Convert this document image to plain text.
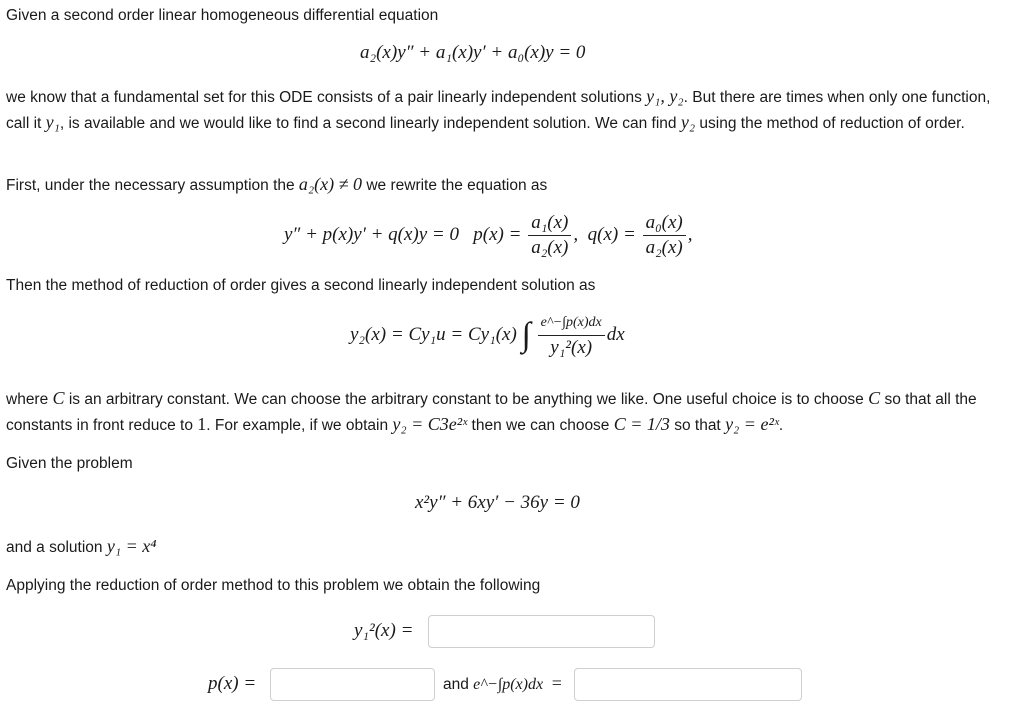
Given a second order linear homogeneous differential equation

a₂(x)y″ + a₁(x)y′ + a₀(x)y = 0

we know that a fundamental set for this ODE consists of a pair linearly independent solutions y₁, y₂. But there are times when only one function, call it y₁, is available and we would like to find a second linearly independent solution. We can find y₂ using the method of reduction of order.

First, under the necessary assumption the a₂(x) ≠ 0 we rewrite the equation as

y″ + p(x)y′ + q(x)y = 0 $p(x) = \frac{\text{a₁(x)}}{\text{a₂(x)}}$ , $q(x) = \frac{\text{a₀(x)}}{\text{a₂(x)}}$ ,

Then the method of reduction of order gives a second linearly independent solution as

y₂(x) = Cy₁u = Cy₁(x) ∫ $\frac{e\^{}-\int p(x)dx}{\text{y₁²(x)}}$ dx

where C is an arbitrary constant. We can choose the arbitrary constant to be anything we like. One useful choice is to choose C so that all the constants in front reduce to 1. For example, if we obtain y₂ = C3e²ˣ then we can choose C = 1/3 so that y₂ = e²ˣ.

Given the problem

x²y″ + 6xy′ − 36y = 0

and a solution y₁ = x⁴

Applying the reduction of order method to this problem we obtain the following

y₁²(x) =
p(x) =	and e^−∫p(x)dx =
